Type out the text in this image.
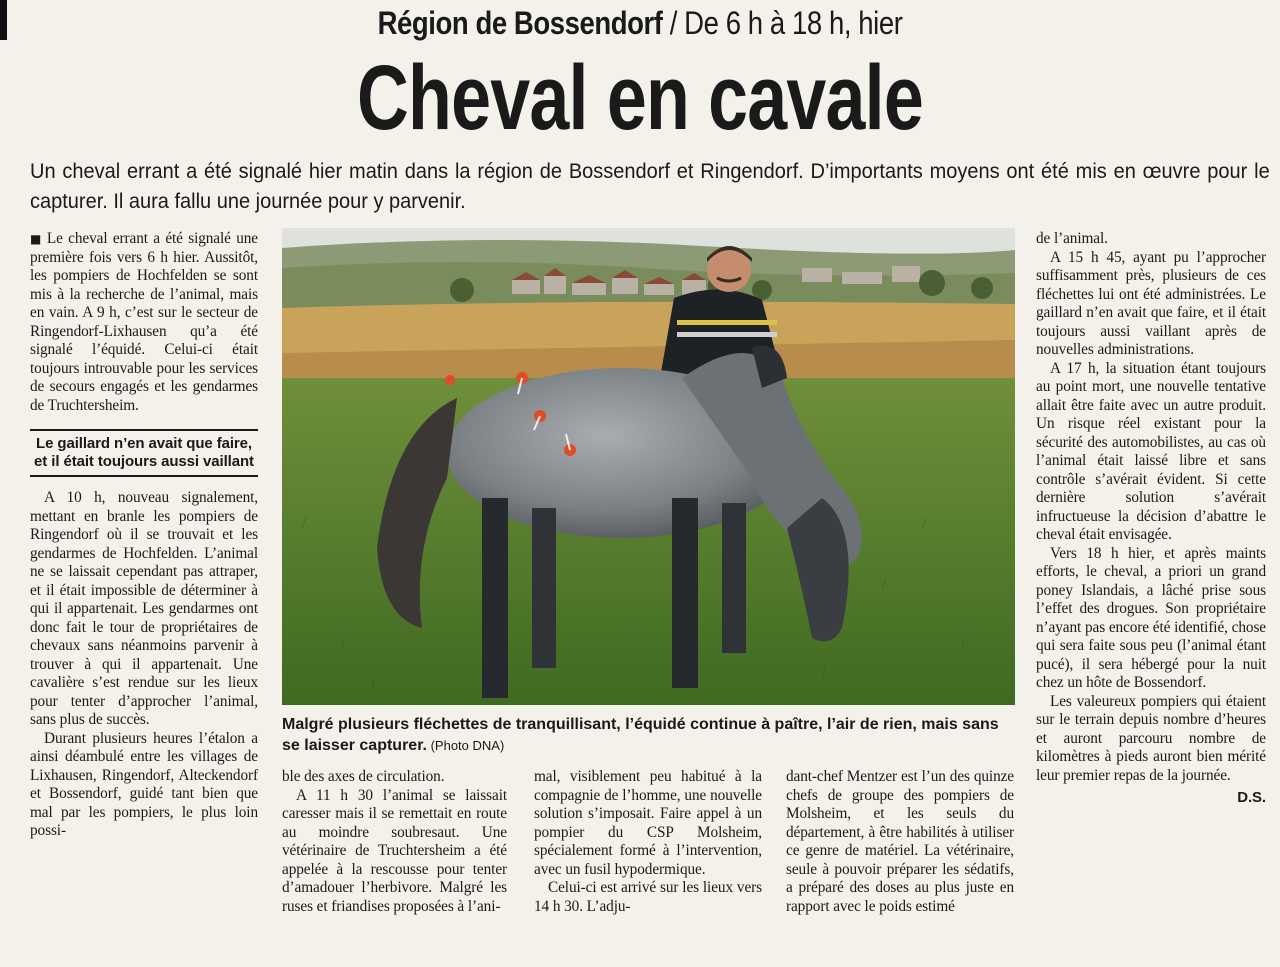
Région de Bossendorf / De 6 h à 18 h, hier
Cheval en cavale
Un cheval errant a été signalé hier matin dans la région de Bossendorf et Ringendorf. D’importants moyens ont été mis en œuvre pour le capturer. Il aura fallu une journée pour y parvenir.

■ Le cheval errant a été signalé une première fois vers 6 h hier. Aussitôt, les pompiers de Hochfelden se sont mis à la recherche de l’animal, mais en vain. A 9 h, c’est sur le secteur de Ringendorf-Lixhausen qu’a été signalé l’équidé. Celui-ci était toujours introuvable pour les services de secours engagés et les gendarmes de Truchtersheim.

Le gaillard n’en avait que faire, et il était toujours aussi vaillant

A 10 h, nouveau signalement, mettant en branle les pompiers de Ringendorf où il se trouvait et les gendarmes de Hochfelden. L’animal ne se laissait cependant pas attraper, et il était impossible de déterminer à qui il appartenait. Les gendarmes ont donc fait le tour de propriétaires de chevaux sans néanmoins parvenir à trouver à qui il appartenait. Une cavalière s’est rendue sur les lieux pour tenter d’approcher l’animal, sans plus de succès.

Durant plusieurs heures l’étalon a ainsi déambulé entre les villages de Lixhausen, Ringendorf, Alteckendorf et Bossendorf, guidé tant bien que mal par les pompiers, le plus loin possi-

Malgré plusieurs fléchettes de tranquillisant, l’équidé continue à paître, l’air de rien, mais sans se laisser capturer. (Photo DNA)

ble des axes de circulation.

A 11 h 30 l’animal se laissait caresser mais il se remettait en route au moindre soubresaut. Une vétérinaire de Truchtersheim a été appelée à la rescousse pour tenter d’amadouer l’herbivore. Malgré les ruses et friandises proposées à l’ani-

mal, visiblement peu habitué à la compagnie de l’homme, une nouvelle solution s’imposait. Faire appel à un pompier du CSP Molsheim, spécialement formé à l’intervention, avec un fusil hypodermique.

Celui-ci est arrivé sur les lieux vers 14 h 30. L’adju-

dant-chef Mentzer est l’un des quinze chefs de groupe des pompiers de Molsheim, et les seuls du département, à être habilités à utiliser ce genre de matériel. La vétérinaire, seule à pouvoir préparer les sédatifs, a préparé des doses au plus juste en rapport avec le poids estimé

de l’animal.

A 15 h 45, ayant pu l’approcher suffisamment près, plusieurs de ces fléchettes lui ont été administrées. Le gaillard n’en avait que faire, et il était toujours aussi vaillant après de nouvelles administrations.

A 17 h, la situation étant toujours au point mort, une nouvelle tentative allait être faite avec un autre produit. Un risque réel existant pour la sécurité des automobilistes, au cas où l’animal était laissé libre et sans contrôle s’avérait évident. Si cette dernière solution s’avérait infructueuse la décision d’abattre le cheval était envisagée.

Vers 18 h hier, et après maints efforts, le cheval, a priori un grand poney Islandais, a lâché prise sous l’effet des drogues. Son propriétaire n’ayant pas encore été identifié, chose qui sera faite sous peu (l’animal étant pucé), il sera hébergé pour la nuit chez un hôte de Bossendorf.

Les valeureux pompiers qui étaient sur le terrain depuis nombre d’heures et auront parcouru nombre de kilomètres à pieds auront bien mérité leur premier repas de la journée.

D.S.
